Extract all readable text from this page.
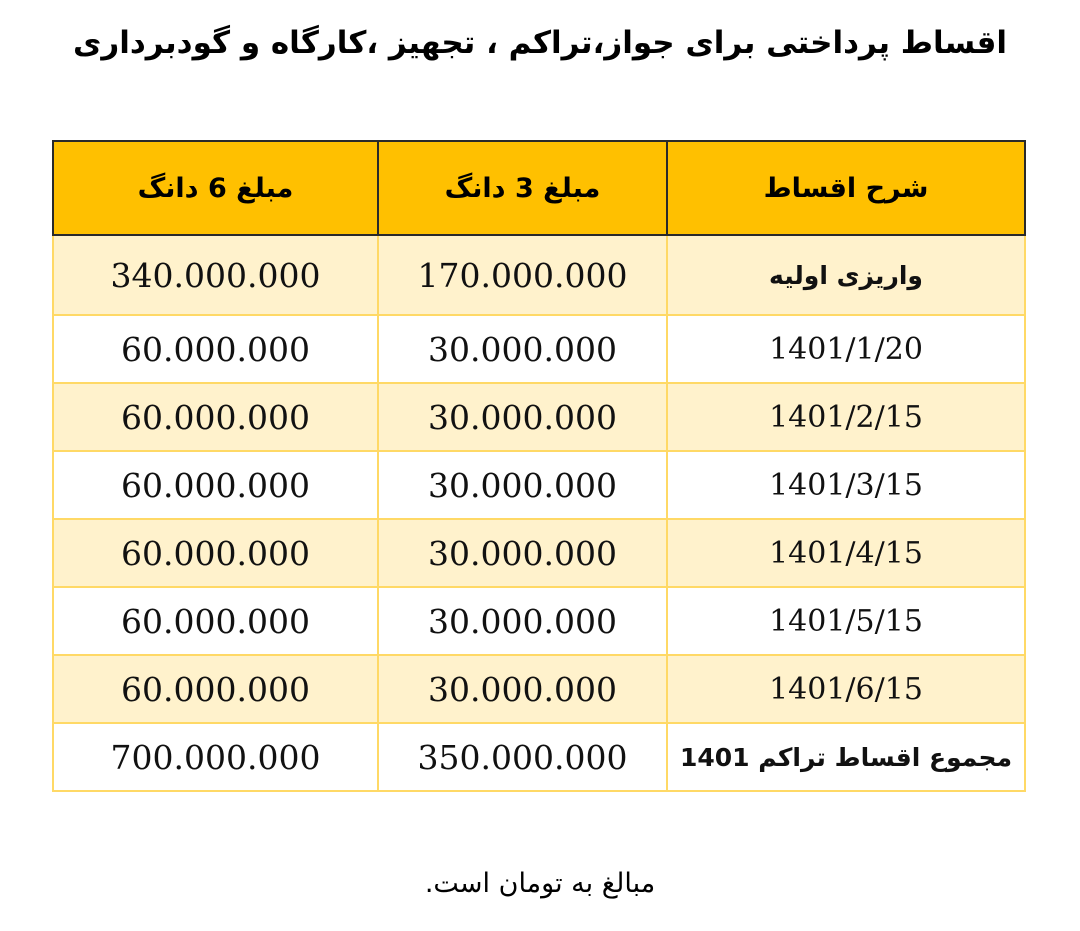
اقساط پرداختی برای جواز،تراکم ، تجهیز ،کارگاه و گودبرداری
شرح اقساط	مبلغ 3 دانگ	مبلغ 6 دانگ
واریزی اولیه	170.000.000	340.000.000
1401/1/20	30.000.000	60.000.000
1401/2/15	30.000.000	60.000.000
1401/3/15	30.000.000	60.000.000
1401/4/15	30.000.000	60.000.000
1401/5/15	30.000.000	60.000.000
1401/6/15	30.000.000	60.000.000
مجموع اقساط تراکم 1401	350.000.000	700.000.000
مبالغ به تومان است.
